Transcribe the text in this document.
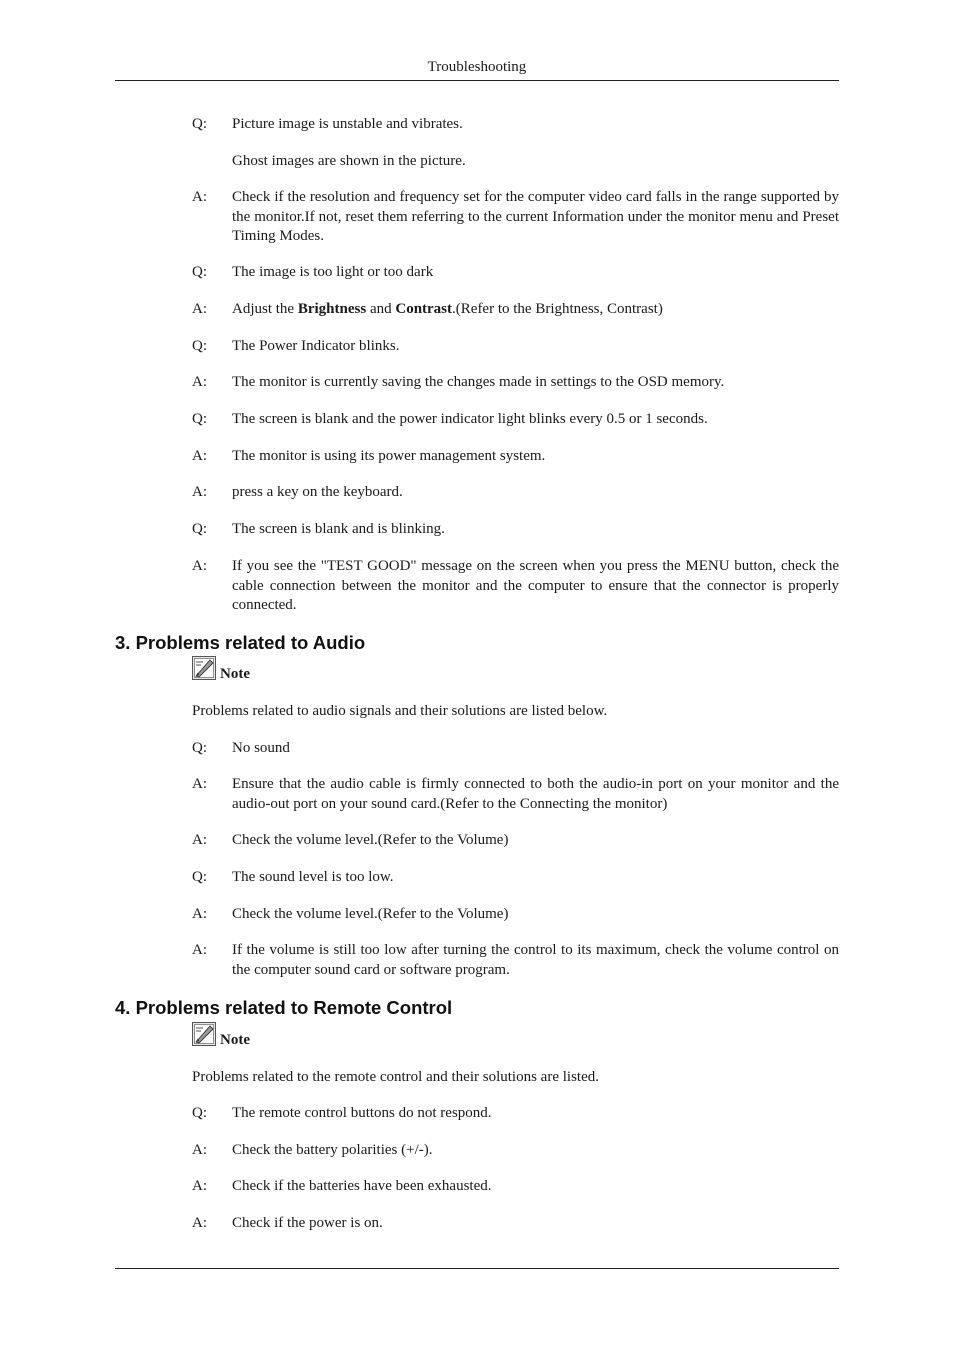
Troubleshooting
Q: Picture image is unstable and vibrates.
Ghost images are shown in the picture.
A: Check if the resolution and frequency set for the computer video card falls in the range supported by the monitor.If not, reset them referring to the current Information under the monitor menu and Preset Timing Modes.
Q: The image is too light or too dark
A: Adjust the Brightness and Contrast.(Refer to the Brightness, Contrast)
Q: The Power Indicator blinks.
A: The monitor is currently saving the changes made in settings to the OSD memory.
Q: The screen is blank and the power indicator light blinks every 0.5 or 1 seconds.
A: The monitor is using its power management system.
A: press a key on the keyboard.
Q: The screen is blank and is blinking.
A: If you see the "TEST GOOD" message on the screen when you press the MENU button, check the cable connection between the monitor and the computer to ensure that the connector is properly connected.
3. Problems related to Audio
Note
Problems related to audio signals and their solutions are listed below.
Q: No sound
A: Ensure that the audio cable is firmly connected to both the audio-in port on your monitor and the audio-out port on your sound card.(Refer to the Connecting the monitor)
A: Check the volume level.(Refer to the Volume)
Q: The sound level is too low.
A: Check the volume level.(Refer to the Volume)
A: If the volume is still too low after turning the control to its maximum, check the volume control on the computer sound card or software program.
4. Problems related to Remote Control
Note
Problems related to the remote control and their solutions are listed.
Q: The remote control buttons do not respond.
A: Check the battery polarities (+/-).
A: Check if the batteries have been exhausted.
A: Check if the power is on.
